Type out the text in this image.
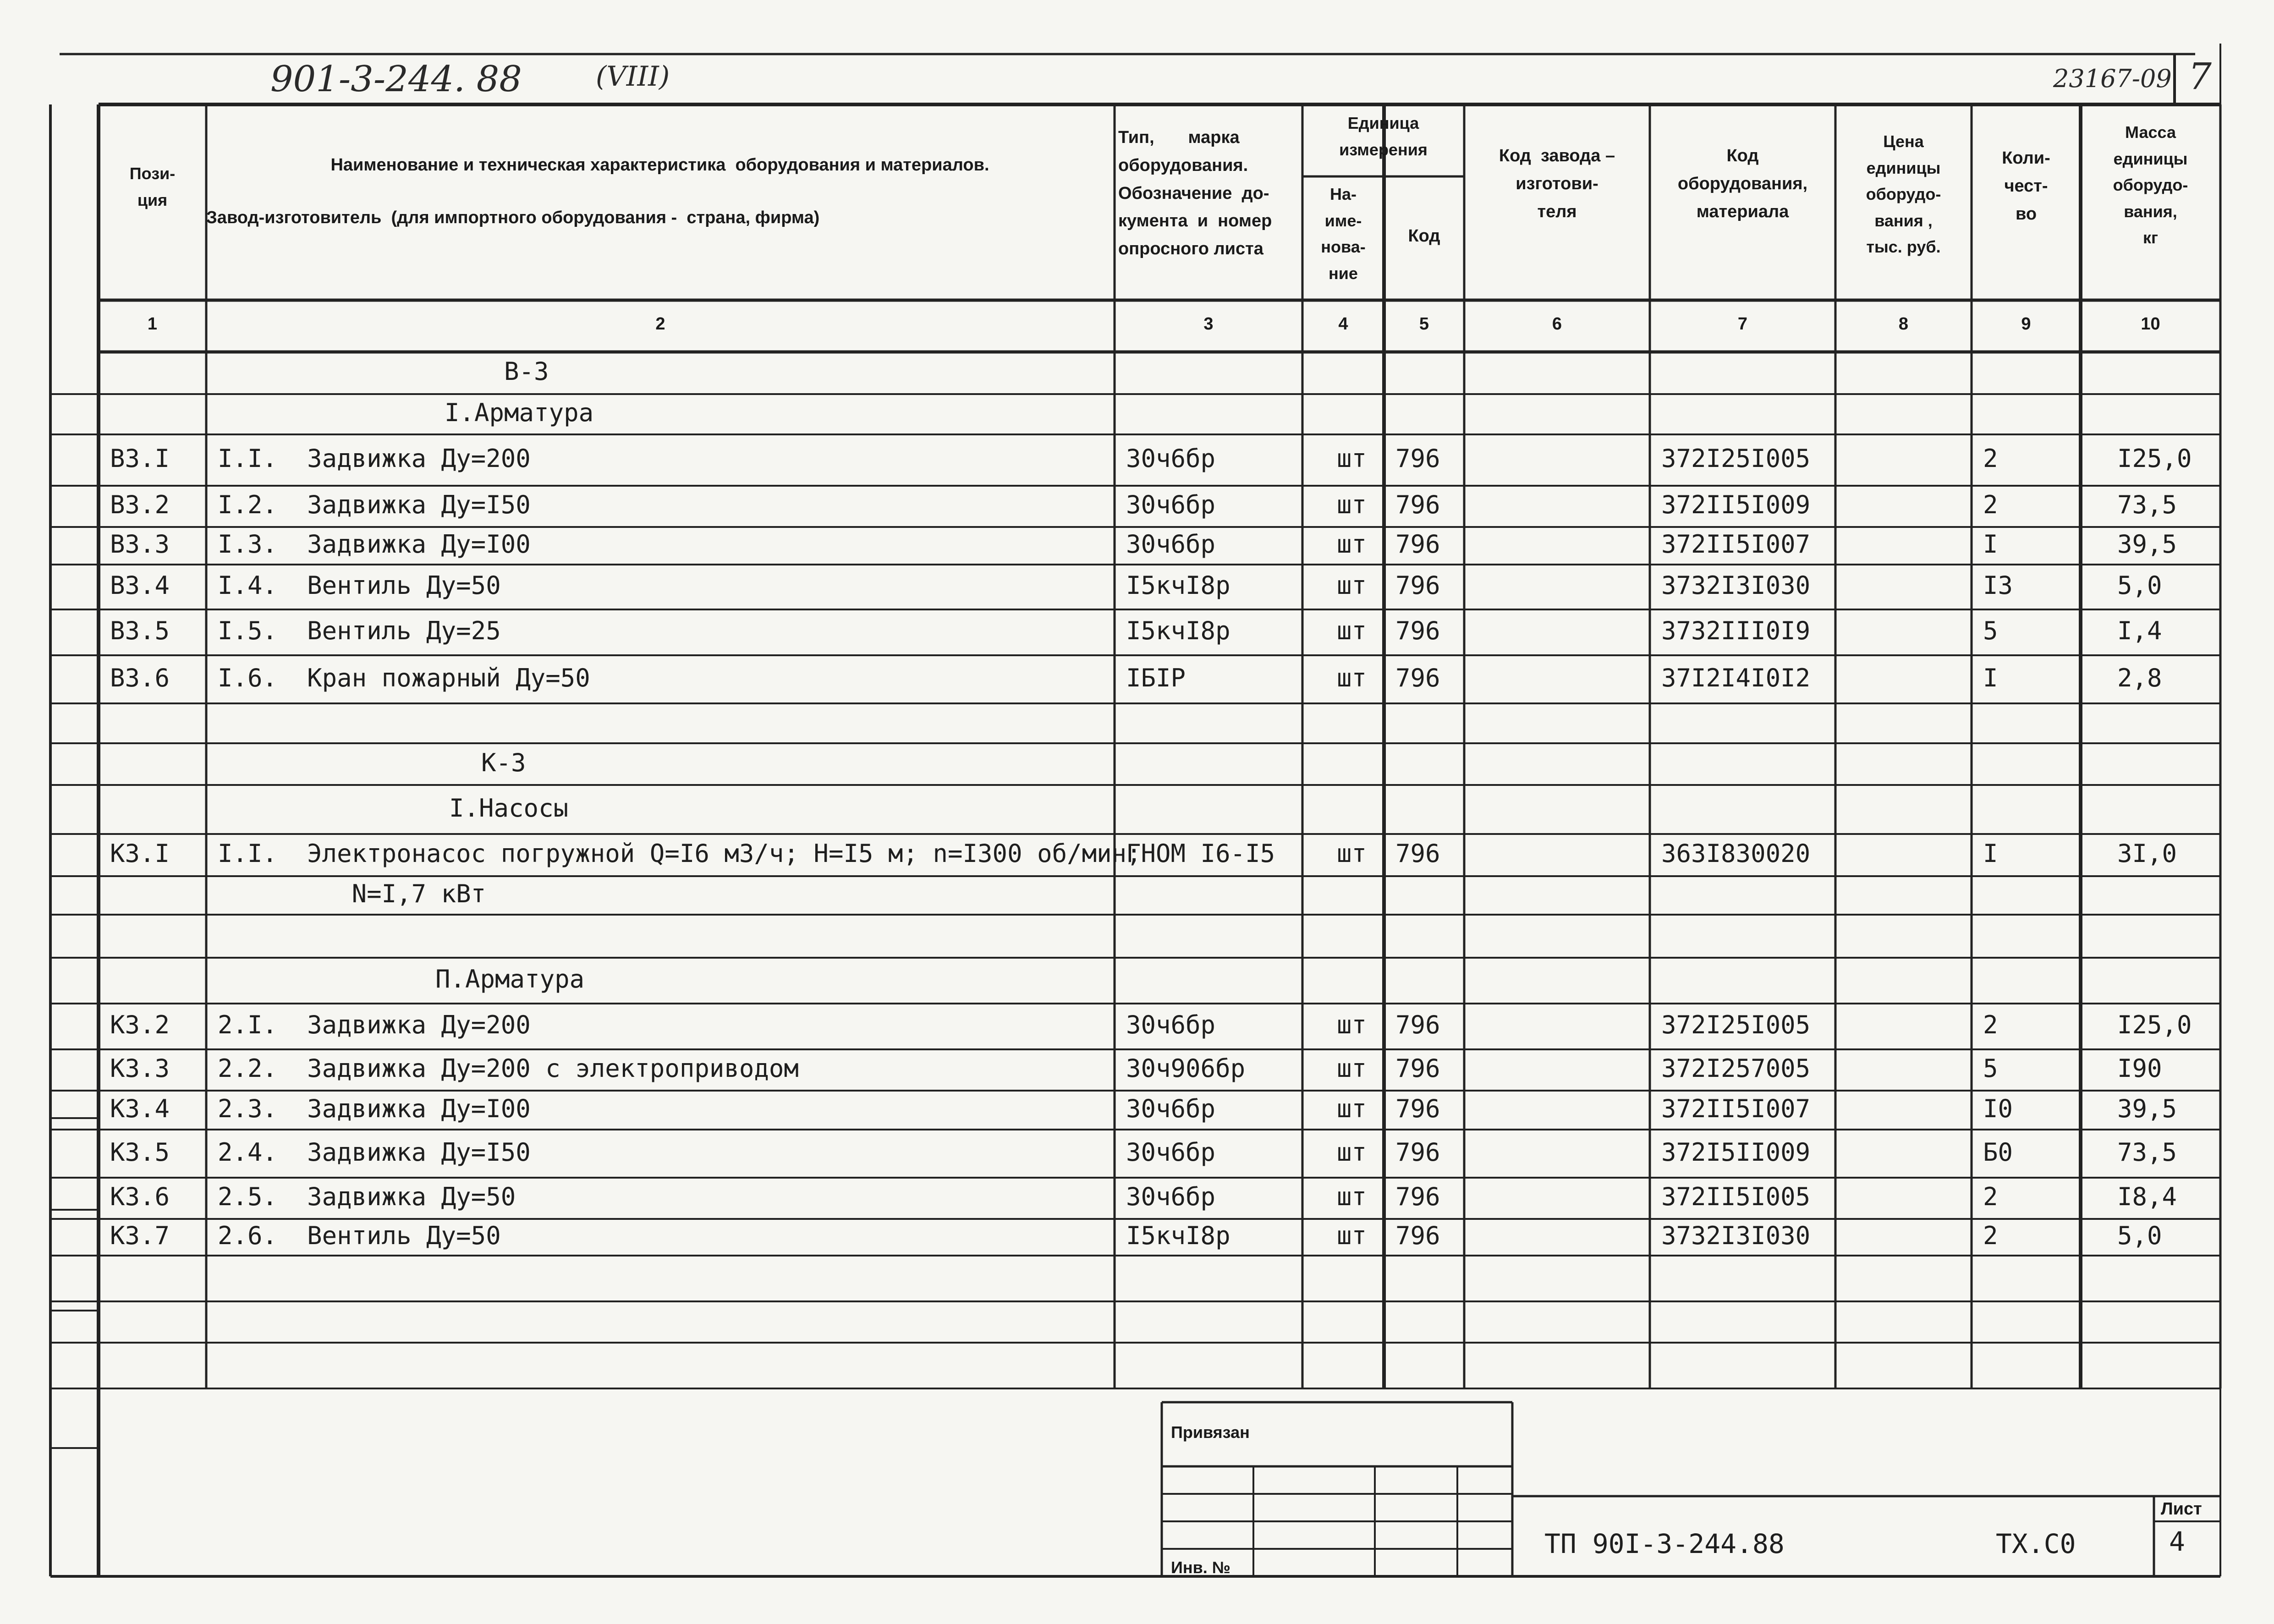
901-3-244. 88	(VIII)	23167-09 7
Пози-
ция
Наименование и техническая характеристика  оборудования и материалов.
Завод-изготовитель  (для импортного оборудования -  страна, фирма)
Тип,       марка
оборудования.
Обозначение  до-
кумента  и  номер
опросного листа
Единица
измерения
На-
име-
нова-
ние
Код
Код  завода –
изготови-
теля
Код
оборудования,
материала
Цена
единицы
оборудо-
вания ,
тыс. руб.
Коли-
чест-
во
Масса
единицы
оборудо-
вания,
кг
1	2	3	4	5	6	7	8	9	10
В-3
I.Арматура
В3.I I.I.  Задвижка Ду=200	30ч6бр	шт 796	372I25I005	2	I25,0
В3.2 I.2.  Задвижка Ду=I50	30ч6бр	шт 796	372II5I009	2	73,5
В3.3 I.3.  Задвижка Ду=I00	30ч6бр	шт 796	372II5I007	I	39,5
В3.4 I.4.  Вентиль Ду=50	I5кчI8р	шт 796	3732I3I030	I3	5,0
В3.5 I.5.  Вентиль Ду=25	I5кчI8р	шт 796	3732III0I9	5	I,4
В3.6 I.6.  Кран пожарный Ду=50	IБIР	шт 796	37I2I4I0I2	I	2,8
К-3
I.Насосы
К3.I I.I.  Электронасос погружной Q=I6 м3/ч; Н=I5 м; n=I300 об/мин;
ГНОМ I6-I5 шт 796	363I830020	I	3I,0
N=I,7 кВт
П.Арматура
К3.2 2.I.  Задвижка Ду=200	30ч6бр	шт 796	372I25I005	2	I25,0
К3.3 2.2.  Задвижка Ду=200 с электроприводом	30ч906бр	шт 796	372I257005	5	I90
К3.4 2.3.  Задвижка Ду=I00	30ч6бр	шт 796	372II5I007	I0	39,5
К3.5 2.4.  Задвижка Ду=I50	30ч6бр	шт 796	372I5II009	Б0	73,5
К3.6 2.5.  Задвижка Ду=50	30ч6бр	шт 796	372II5I005	2	I8,4
К3.7 2.6.  Вентиль Ду=50	I5кчI8р	шт 796	3732I3I030	2	5,0
Привязан
Инв. №
ТП 90I-3-244.88	ТХ.С0
Лист
4
